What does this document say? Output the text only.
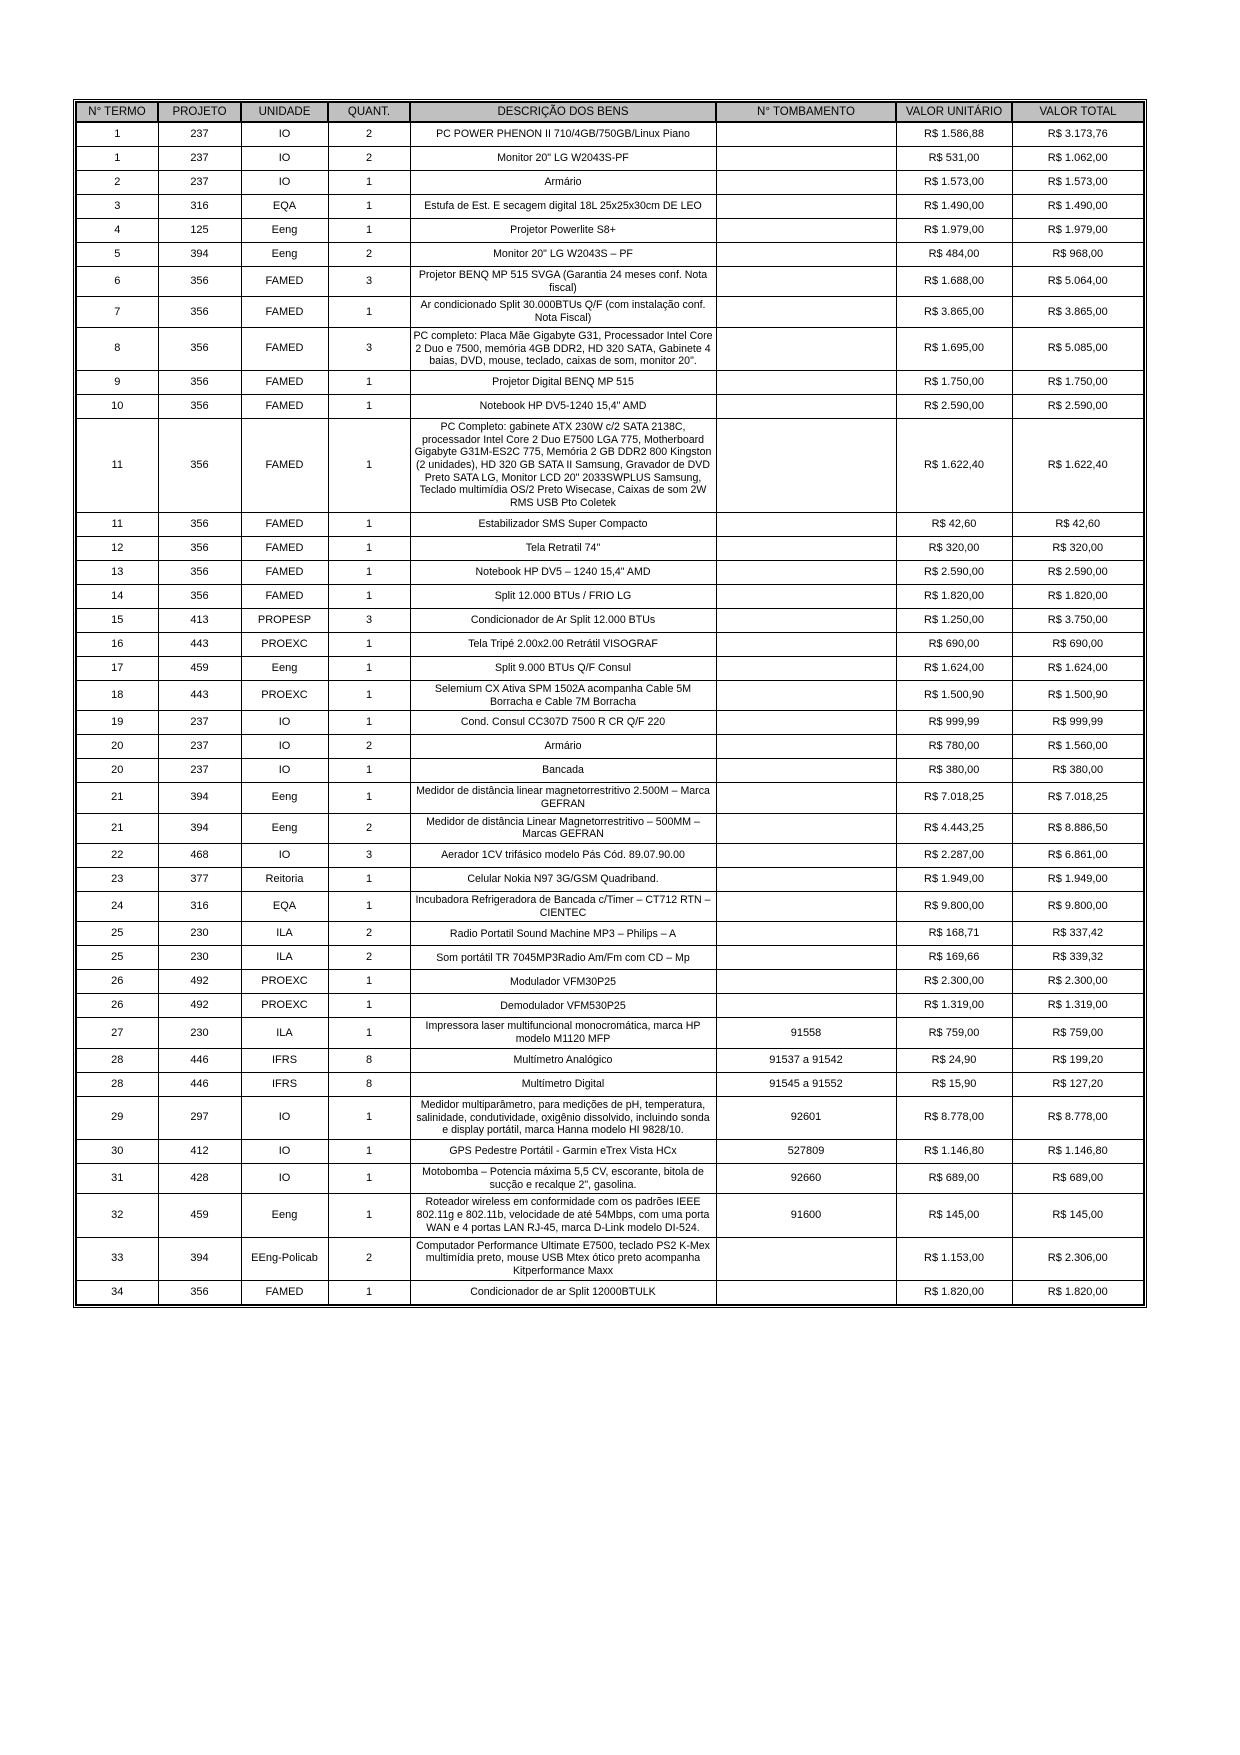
N° TERMO	PROJETO	UNIDADE	QUANT.	DESCRIÇÃO DOS BENS	N° TOMBAMENTO	VALOR UNITÁRIO	VALOR TOTAL
1	237	IO	2	PC POWER PHENON II 710/4GB/750GB/Linux Piano		R$ 1.586,88	R$ 3.173,76
1	237	IO	2	Monitor 20" LG W2043S-PF		R$ 531,00	R$ 1.062,00
2	237	IO	1	Armário		R$ 1.573,00	R$ 1.573,00
3	316	EQA	1	Estufa de Est. E secagem digital 18L 25x25x30cm DE LEO		R$ 1.490,00	R$ 1.490,00
4	125	Eeng	1	Projetor Powerlite S8+		R$ 1.979,00	R$ 1.979,00
5	394	Eeng	2	Monitor 20" LG W2043S – PF		R$ 484,00	R$ 968,00
6	356	FAMED	3	Projetor BENQ MP 515 SVGA (Garantia 24 meses conf. Nota fiscal)		R$ 1.688,00	R$ 5.064,00
7	356	FAMED	1	Ar condicionado Split 30.000BTUs Q/F (com instalação conf. Nota Fiscal)		R$ 3.865,00	R$ 3.865,00
8	356	FAMED	3	PC completo: Placa Mãe Gigabyte G31, Processador Intel Core 2 Duo e 7500, memória 4GB DDR2, HD 320 SATA, Gabinete 4 baias, DVD, mouse, teclado, caixas de som, monitor 20".		R$ 1.695,00	R$ 5.085,00
9	356	FAMED	1	Projetor Digital BENQ MP 515		R$ 1.750,00	R$ 1.750,00
10	356	FAMED	1	Notebook HP DV5-1240 15,4" AMD		R$ 2.590,00	R$ 2.590,00
11	356	FAMED	1	PC Completo: gabinete ATX 230W c/2 SATA 2138C, processador Intel Core 2 Duo E7500 LGA 775, Motherboard Gigabyte G31M-ES2C 775, Memória 2 GB DDR2 800 Kingston (2 unidades), HD 320 GB SATA II Samsung, Gravador de DVD Preto SATA LG, Monitor LCD 20" 2033SWPLUS Samsung, Teclado multimídia OS/2 Preto Wisecase, Caixas de som 2W RMS USB Pto Coletek		R$ 1.622,40	R$ 1.622,40
11	356	FAMED	1	Estabilizador SMS Super Compacto		R$ 42,60	R$ 42,60
12	356	FAMED	1	Tela Retratil 74"		R$ 320,00	R$ 320,00
13	356	FAMED	1	Notebook HP DV5 – 1240 15,4" AMD		R$ 2.590,00	R$ 2.590,00
14	356	FAMED	1	Split 12.000 BTUs / FRIO LG		R$ 1.820,00	R$ 1.820,00
15	413	PROPESP	3	Condicionador de Ar Split 12.000 BTUs		R$ 1.250,00	R$ 3.750,00
16	443	PROEXC	1	Tela Tripé 2.00x2.00 Retrátil VISOGRAF		R$ 690,00	R$ 690,00
17	459	Eeng	1	Split 9.000 BTUs Q/F Consul		R$ 1.624,00	R$ 1.624,00
18	443	PROEXC	1	Selemium CX Ativa SPM 1502A acompanha Cable 5M Borracha e Cable 7M Borracha		R$ 1.500,90	R$ 1.500,90
19	237	IO	1	Cond. Consul CC307D 7500 R CR Q/F 220		R$ 999,99	R$ 999,99
20	237	IO	2	Armário		R$ 780,00	R$ 1.560,00
20	237	IO	1	Bancada		R$ 380,00	R$ 380,00
21	394	Eeng	1	Medidor de distância linear magnetorrestritivo 2.500M – Marca GEFRAN		R$ 7.018,25	R$ 7.018,25
21	394	Eeng	2	Medidor de distância Linear Magnetorrestritivo – 500MM – Marcas GEFRAN		R$ 4.443,25	R$ 8.886,50
22	468	IO	3	Aerador 1CV trifásico modelo Pás Cód. 89.07.90.00		R$ 2.287,00	R$ 6.861,00
23	377	Reitoria	1	Celular Nokia N97 3G/GSM Quadriband.		R$ 1.949,00	R$ 1.949,00
24	316	EQA	1	Incubadora Refrigeradora de Bancada c/Timer – CT712 RTN – CIENTEC		R$ 9.800,00	R$ 9.800,00
25	230	ILA	2	Radio Portatil Sound Machine MP3 – Philips – A		R$ 168,71	R$ 337,42
25	230	ILA	2	Som portátil TR 7045MP3Radio Am/Fm com CD – Mp		R$ 169,66	R$ 339,32
26	492	PROEXC	1	Modulador VFM30P25		R$ 2.300,00	R$ 2.300,00
26	492	PROEXC	1	Demodulador VFM530P25		R$ 1.319,00	R$ 1.319,00
27	230	ILA	1	Impressora laser multifuncional monocromática, marca HP modelo M1120 MFP	91558	R$ 759,00	R$ 759,00
28	446	IFRS	8	Multímetro Analógico	91537 a 91542	R$ 24,90	R$ 199,20
28	446	IFRS	8	Multímetro Digital	91545 a 91552	R$ 15,90	R$ 127,20
29	297	IO	1	Medidor multiparâmetro, para medições de pH, temperatura, salinidade, condutividade, oxigênio dissolvido, incluindo sonda e display portátil, marca Hanna modelo HI 9828/10.	92601	R$ 8.778,00	R$ 8.778,00
30	412	IO	1	GPS Pedestre Portátil - Garmin eTrex Vista HCx	527809	R$ 1.146,80	R$ 1.146,80
31	428	IO	1	Motobomba – Potencia máxima 5,5 CV, escorante, bitola de sucção e recalque 2", gasolina.	92660	R$ 689,00	R$ 689,00
32	459	Eeng	1	Roteador wireless em conformidade com os padrões IEEE 802.11g e 802.11b, velocidade de até 54Mbps, com uma porta WAN e 4 portas LAN RJ-45, marca D-Link modelo DI-524.	91600	R$ 145,00	R$ 145,00
33	394	EEng-Policab	2	Computador Performance Ultimate E7500, teclado PS2 K-Mex multimídia preto, mouse USB Mtex ótico preto acompanha Kitperformance Maxx		R$ 1.153,00	R$ 2.306,00
34	356	FAMED	1	Condicionador de ar Split 12000BTULK		R$ 1.820,00	R$ 1.820,00
